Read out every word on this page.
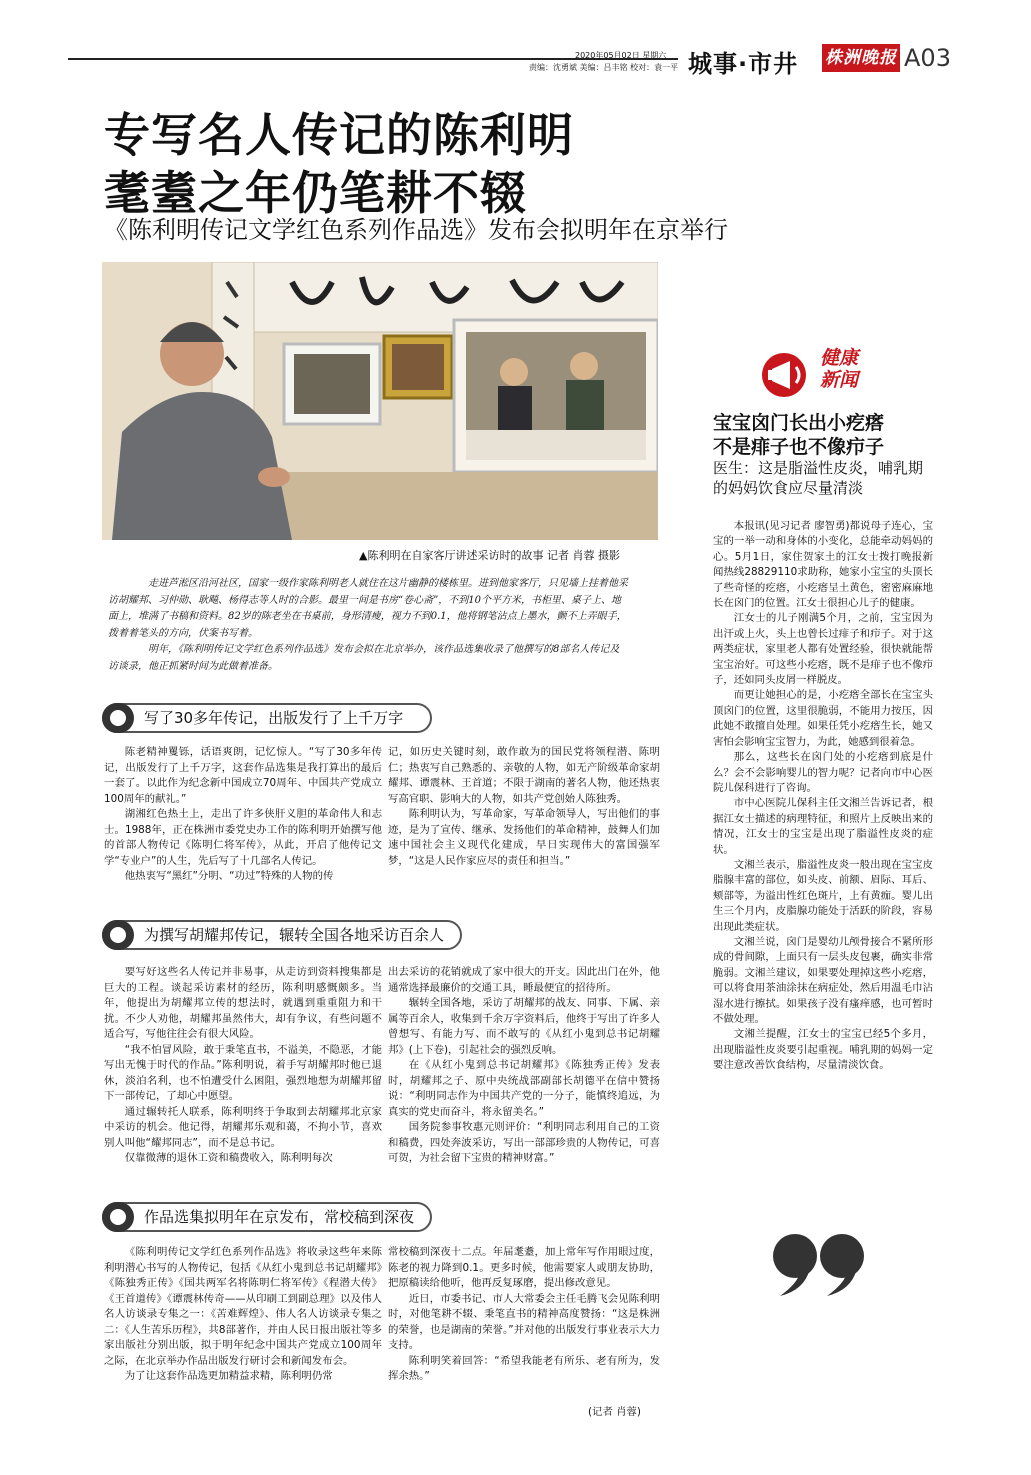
2020年05月02日 星期六
责编：沈勇斌 美编：吕丰铭 校对：袁一平 城事·市井 株洲晚报 A03
专写名人传记的陈利明
耄耋之年仍笔耕不辍
《陈利明传记文学红色系列作品选》发布会拟明年在京举行
▲陈利明在自家客厅讲述采访时的故事 记者 肖蓉 摄影

走进芦淞区沿河社区，国家一级作家陈利明老人就住在这片幽静的楼栋里。进到他家客厅，只见墙上挂着他采访胡耀邦、习仲勋、耿飚、杨得志等人时的合影。最里一间是书房“卷心斋”，不到10个平方米，书柜里、桌子上、地面上，堆满了书稿和资料。82岁的陈老坐在书桌前，身形清瘦，视力不到0.1，他将钢笔沾点上墨水，颤不上弄眼手，拨着着笔头的方向，伏案书写着。

明年，《陈利明传记文学红色系列作品选》发布会拟在北京举办，该作品选集收录了他撰写的8部名人传记及访谈录，他正抓紧时间为此做着准备。

写了30多年传记，出版发行了上千万字

陈老精神矍铄，话语爽朗，记忆惊人。“写了30多年传记，出版发行了上千万字，这套作品选集是我打算出的最后一套了。以此作为纪念新中国成立70周年、中国共产党成立100周年的献礼。”

湖湘红色热土上，走出了许多侠肝义胆的革命伟人和志士。1988年，正在株洲市委党史办工作的陈利明开始撰写他的首部人物传记《陈明仁将军传》，从此，开启了他传记文学“专业户”的人生，先后写了十几部名人传记。

他热衷写“黑红”分明、“功过”特殊的人物的传

记，如历史关键时刻，敢作敢为的国民党将领程潜、陈明仁；热衷写自己熟悉的、亲敬的人物，如无产阶级革命家胡耀邦、谭震林、王首道；不限于湖南的著名人物，他还热衷写高官职、影响大的人物，如共产党创始人陈独秀。

陈利明认为，写革命家，写革命领导人，写出他们的事迹，是为了宣传、继承、发扬他们的革命精神，鼓舞人们加速中国社会主义现代化建成，早日实现伟大的富国强军梦，“这是人民作家应尽的责任和担当。”

为撰写胡耀邦传记，辗转全国各地采访百余人

要写好这些名人传记并非易事，从走访到资料搜集都是巨大的工程。谈起采访素材的经历，陈利明感慨颇多。当年，他提出为胡耀邦立传的想法时，就遇到重重阻力和干扰。不少人劝他，胡耀邦虽然伟大，却有争议，有些问题不适合写，写他往往会有很大风险。

“我不怕冒风险，敢于秉笔直书，不溢美，不隐恶，才能写出无愧于时代的作品。”陈利明说，着手写胡耀邦时他已退休，淡泊名利，也不怕遭受什么困阻，强烈地想为胡耀邦留下一部传记，了却心中愿望。

通过辗转托人联系，陈利明终于争取到去胡耀邦北京家中采访的机会。他记得，胡耀邦乐观和蔼，不拘小节，喜欢别人叫他“耀邦同志”，而不是总书记。

仅靠微薄的退休工资和稿费收入，陈利明每次

出去采访的花销就成了家中很大的开支。因此出门在外，他通常选择最廉价的交通工具，睡最便宜的招待所。

辗转全国各地，采访了胡耀邦的战友、同事、下属、亲属等百余人，收集到千余万字资料后，他终于写出了许多人曾想写、有能力写、而不敢写的《从红小鬼到总书记胡耀邦》(上下卷)，引起社会的强烈反响。

在《从红小鬼到总书记胡耀邦》《陈独秀正传》发表时，胡耀邦之子、原中央统战部副部长胡德平在信中赞扬说：“利明同志作为中国共产党的一分子，能慎终追远，为真实的党史而奋斗，将永留美名。”

国务院参事牧惠元则评价：“利明同志利用自己的工资和稿费，四处奔波采访，写出一部部珍贵的人物传记，可喜可贺，为社会留下宝贵的精神财富。”

作品选集拟明年在京发布，常校稿到深夜

《陈利明传记文学红色系列作品选》将收录这些年来陈利明潜心书写的人物传记，包括《从红小鬼到总书记胡耀邦》《陈独秀正传》《国共两军名将陈明仁将军传》《程潜大传》《王首道传》《谭震林传奇——从印刷工到副总理》以及伟人名人访谈录专集之一：《苦难辉煌》、伟人名人访谈录专集之二：《人生苦乐历程》，共8部著作，并由人民日报出版社等多家出版社分别出版，拟于明年纪念中国共产党成立100周年之际，在北京举办作品出版发行研讨会和新闻发布会。

为了让这套作品选更加精益求精，陈利明仍常

常校稿到深夜十二点。年届耄耋，加上常年写作用眼过度，陈老的视力降到0.1。更多时候，他需要家人或朋友协助，把原稿读给他听，他再反复琢磨，提出修改意见。

近日，市委书记、市人大常委会主任毛腾飞会见陈利明时，对他笔耕不辍、秉笔直书的精神高度赞扬：“这是株洲的荣誉，也是湖南的荣誉。”并对他的出版发行事业表示大力支持。

陈利明笑着回答：“希望我能老有所乐、老有所为，发挥余热。”

(记者 肖蓉)
健康
新闻
宝宝囟门长出小疙瘩
不是痱子也不像疖子
医生：这是脂溢性皮炎，哺乳期的妈妈饮食应尽量清淡

本报讯(见习记者 廖智勇)都说母子连心，宝宝的一举一动和身体的小变化，总能牵动妈妈的心。5月1日，家住贺家土的江女士拨打晚报新闻热线28829110求助称，她家小宝宝的头顶长了些奇怪的疙瘩，小疙瘩呈土黄色，密密麻麻地长在囟门的位置。江女士很担心儿子的健康。

江女士的儿子刚满5个月，之前，宝宝因为出汗或上火，头上也曾长过痱子和疖子。对于这两类症状，家里老人都有处置经验，很快就能帮宝宝治好。可这些小疙瘩，既不是痱子也不像疖子，还如同头皮屑一样脱皮。

而更让她担心的是，小疙瘩全部长在宝宝头顶囟门的位置，这里很脆弱，不能用力按压，因此她不敢擅自处理。如果任凭小疙瘩生长，她又害怕会影响宝宝智力，为此，她感到很着急。

那么，这些长在囟门处的小疙瘩到底是什么？会不会影响婴儿的智力呢？记者向市中心医院儿保科进行了咨询。

市中心医院儿保科主任文湘兰告诉记者，根据江女士描述的病理特征，和照片上反映出来的情况，江女士的宝宝是出现了脂溢性皮炎的症状。

文湘兰表示，脂溢性皮炎一般出现在宝宝皮脂腺丰富的部位，如头皮、前额、眉际、耳后、颊部等，为溢出性红色斑片，上有黄痂。婴儿出生三个月内，皮脂腺功能处于活跃的阶段，容易出现此类症状。

文湘兰说，囟门是婴幼儿颅骨接合不紧所形成的骨间隙，上面只有一层头皮包裹，确实非常脆弱。文湘兰建议，如果要处理掉这些小疙瘩，可以将食用茶油涂抹在病症处，然后用温毛巾沾湿水进行擦拭。如果孩子没有瘙痒感，也可暂时不做处理。

文湘兰提醒，江女士的宝宝已经5个多月，出现脂溢性皮炎要引起重视。哺乳期的妈妈一定要注意改善饮食结构，尽量清淡饮食。
